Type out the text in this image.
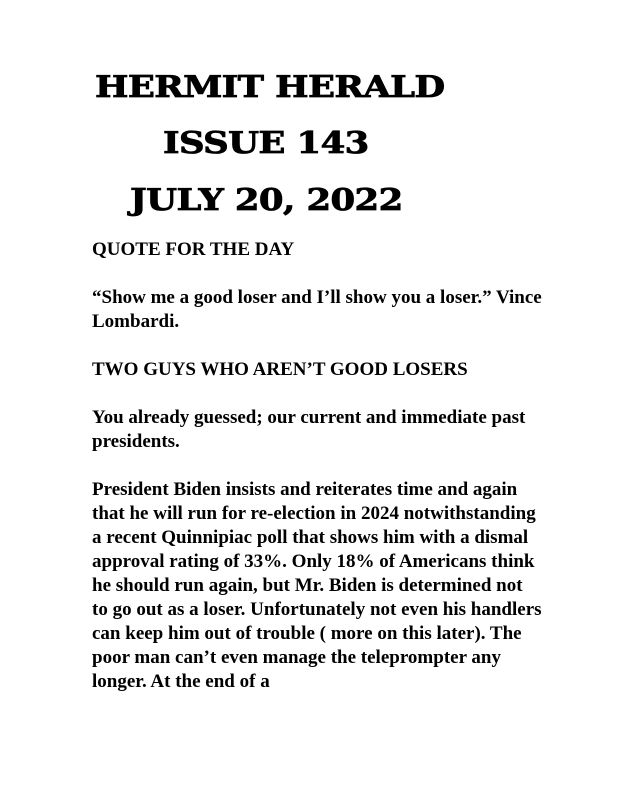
HERMIT HERALD
ISSUE 143
JULY 20, 2022

QUOTE FOR THE DAY

“Show me a good loser and I’ll show you a loser.” Vince Lombardi.

TWO GUYS WHO AREN’T GOOD LOSERS

You already guessed; our current and immediate past presidents.

President Biden insists and reiterates time and again that he will run for re-election in 2024 notwithstanding a recent Quinnipiac poll that shows him with a dismal approval rating of 33%. Only 18% of Americans think he should run again, but Mr. Biden is determined not to go out as a loser. Unfortunately not even his handlers can keep him out of trouble ( more on this later). The poor man can’t even manage the teleprompter any longer. At the end of a
